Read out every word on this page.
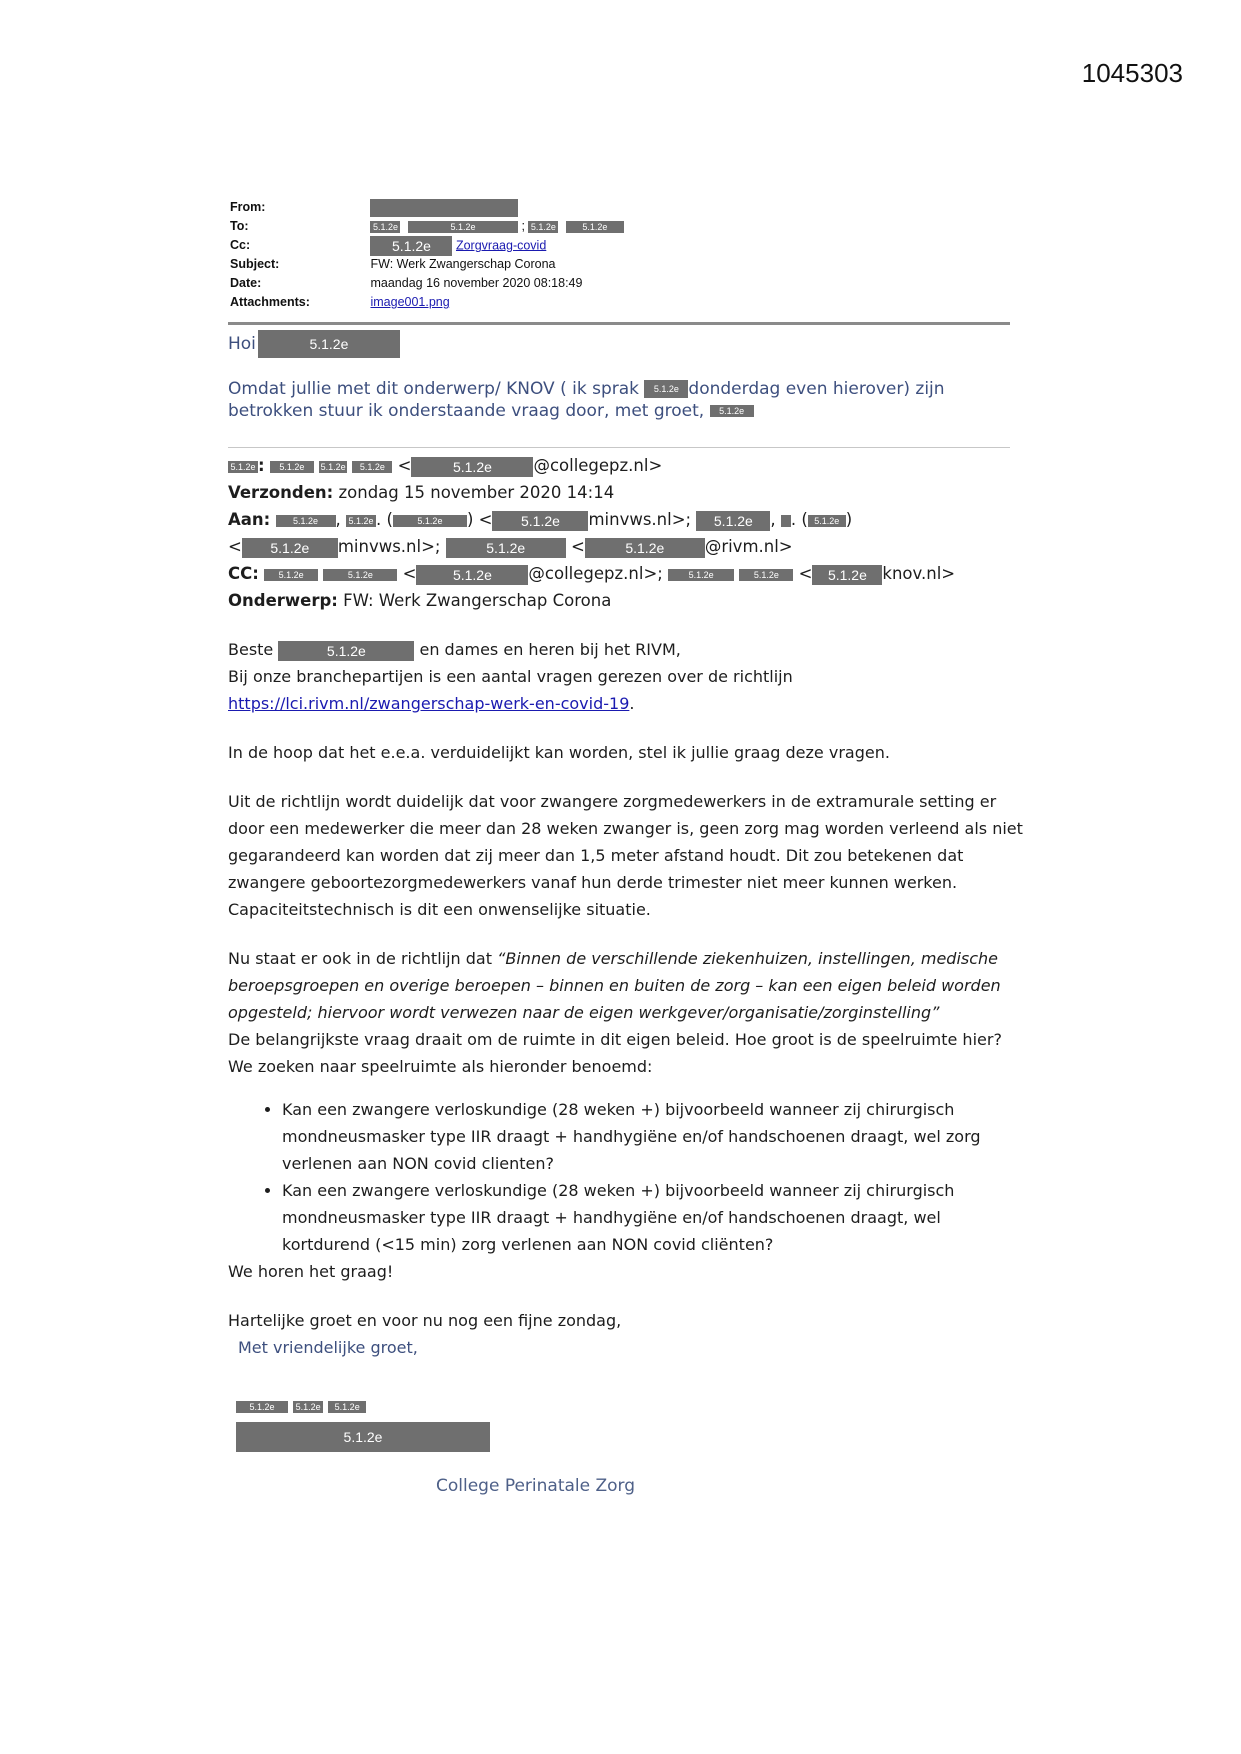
1045303
From:
To:	5.1.2e	5.1.2e	; 5.1.2e	5.1.2e
Cc:	5.1.2e Zorgvraag-covid
Subject:	FW: Werk Zwangerschap Corona
Date:	maandag 16 november 2020 08:18:49
Attachments:	image001.png
Hoi	5.1.2e
Omdat jullie met dit onderwerp/ KNOV ( ik sprak 5.1.2e donderdag even hierover) zijn
betrokken stuur ik onderstaande vraag door, met groet, 5.1.2e
5.1.2e : 5.1.2e 5.1.2e 5.1.2e <	5.1.2e	@collegepz.nl>
Verzonden: zondag 15 november 2020 14:14
Aan:	5.1.2e , 5.1.2e . (	5.1.2e ) < 5.1.2e minvws.nl>; 5.1.2e , . ( 5.1.2e )
< 5.1.2e minvws.nl>;	5.1.2e <	5.1.2e @rivm.nl>
CC: 5.1.2e	5.1.2e <	5.1.2e @collegepz.nl>;	5.1.2e	5.1.2e < 5.1.2e knov.nl>
Onderwerp: FW: Werk Zwangerschap Corona
Beste	5.1.2e	en dames en heren bij het RIVM,
Bij onze branchepartijen is een aantal vragen gerezen over de richtlijn
https://lci.rivm.nl/zwangerschap-werk-en-covid-19.
In de hoop dat het e.e.a. verduidelijkt kan worden, stel ik jullie graag deze vragen.
Uit de richtlijn wordt duidelijk dat voor zwangere zorgmedewerkers in de extramurale setting er door een medewerker die meer dan 28 weken zwanger is, geen zorg mag worden verleend als niet gegarandeerd kan worden dat zij meer dan 1,5 meter afstand houdt. Dit zou betekenen dat zwangere geboortezorgmedewerkers vanaf hun derde trimester niet meer kunnen werken. Capaciteitstechnisch is dit een onwenselijke situatie.
Nu staat er ook in de richtlijn dat “Binnen de verschillende ziekenhuizen, instellingen, medische beroepsgroepen en overige beroepen – binnen en buiten de zorg – kan een eigen beleid worden opgesteld; hiervoor wordt verwezen naar de eigen werkgever/organisatie/zorginstelling”
De belangrijkste vraag draait om de ruimte in dit eigen beleid. Hoe groot is de speelruimte hier? We zoeken naar speelruimte als hieronder benoemd:
• Kan een zwangere verloskundige (28 weken +) bijvoorbeeld wanneer zij chirurgisch mondneusmasker type IIR draagt + handhygiëne en/of handschoenen draagt, wel zorg verlenen aan NON covid clienten?
• Kan een zwangere verloskundige (28 weken +) bijvoorbeeld wanneer zij chirurgisch mondneusmasker type IIR draagt + handhygiëne en/of handschoenen draagt, wel kortdurend (<15 min) zorg verlenen aan NON covid cliënten?
We horen het graag!
Hartelijke groet en voor nu nog een fijne zondag,
Met vriendelijke groet,
5.1.2e 5.1.2e 5.1.2e
5.1.2e
College Perinatale Zorg
